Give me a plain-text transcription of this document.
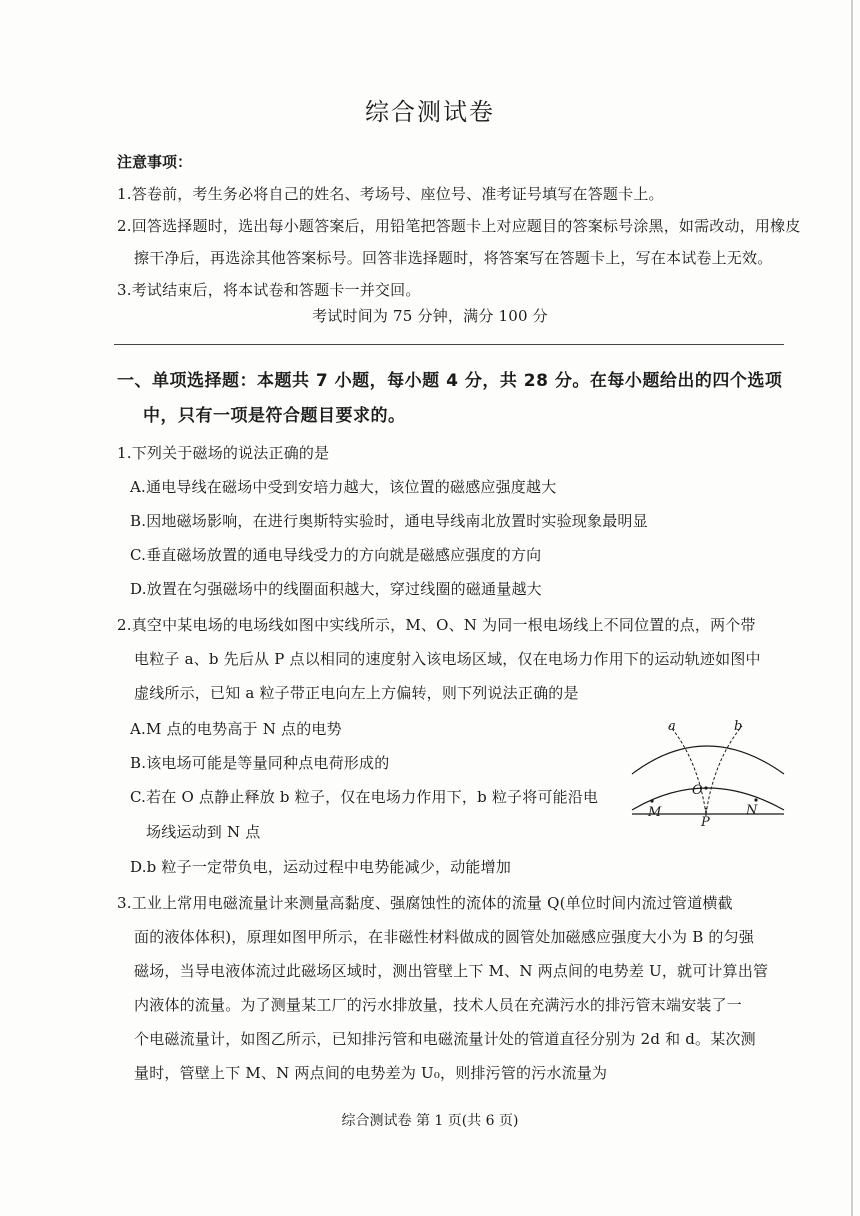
综合测试卷
注意事项：
1.答卷前，考生务必将自己的姓名、考场号、座位号、准考证号填写在答题卡上。
2.回答选择题时，选出每小题答案后，用铅笔把答题卡上对应题目的答案标号涂黑，如需改动，用橡皮
擦干净后，再选涂其他答案标号。回答非选择题时，将答案写在答题卡上，写在本试卷上无效。
3.考试结束后，将本试卷和答题卡一并交回。
考试时间为 75 分钟，满分 100 分
一、单项选择题：本题共 7 小题，每小题 4 分，共 28 分。在每小题给出的四个选项
中，只有一项是符合题目要求的。
1.下列关于磁场的说法正确的是
A.通电导线在磁场中受到安培力越大，该位置的磁感应强度越大
B.因地磁场影响，在进行奥斯特实验时，通电导线南北放置时实验现象最明显
C.垂直磁场放置的通电导线受力的方向就是磁感应强度的方向
D.放置在匀强磁场中的线圈面积越大，穿过线圈的磁通量越大
2.真空中某电场的电场线如图中实线所示，M、O、N 为同一根电场线上不同位置的点，两个带
电粒子 a、b 先后从 P 点以相同的速度射入该电场区域，仅在电场力作用下的运动轨迹如图中
虚线所示，已知 a 粒子带正电向左上方偏转，则下列说法正确的是
A.M 点的电势高于 N 点的电势
B.该电场可能是等量同种点电荷形成的
C.若在 O 点静止释放 b 粒子，仅在电场力作用下，b 粒子将可能沿电
场线运动到 N 点
D.b 粒子一定带负电，运动过程中电势能减少，动能增加
a	b
M
O
N
P
3.工业上常用电磁流量计来测量高黏度、强腐蚀性的流体的流量 Q(单位时间内流过管道横截
面的液体体积)，原理如图甲所示，在非磁性材料做成的圆管处加磁感应强度大小为 B 的匀强
磁场，当导电液体流过此磁场区域时，测出管壁上下 M、N 两点间的电势差 U，就可计算出管
内液体的流量。为了测量某工厂的污水排放量，技术人员在充满污水的排污管末端安装了一
个电磁流量计，如图乙所示，已知排污管和电磁流量计处的管道直径分别为 2d 和 d。某次测
量时，管壁上下 M、N 两点间的电势差为 U₀，则排污管的污水流量为
综合测试卷 第 1 页(共 6 页)
